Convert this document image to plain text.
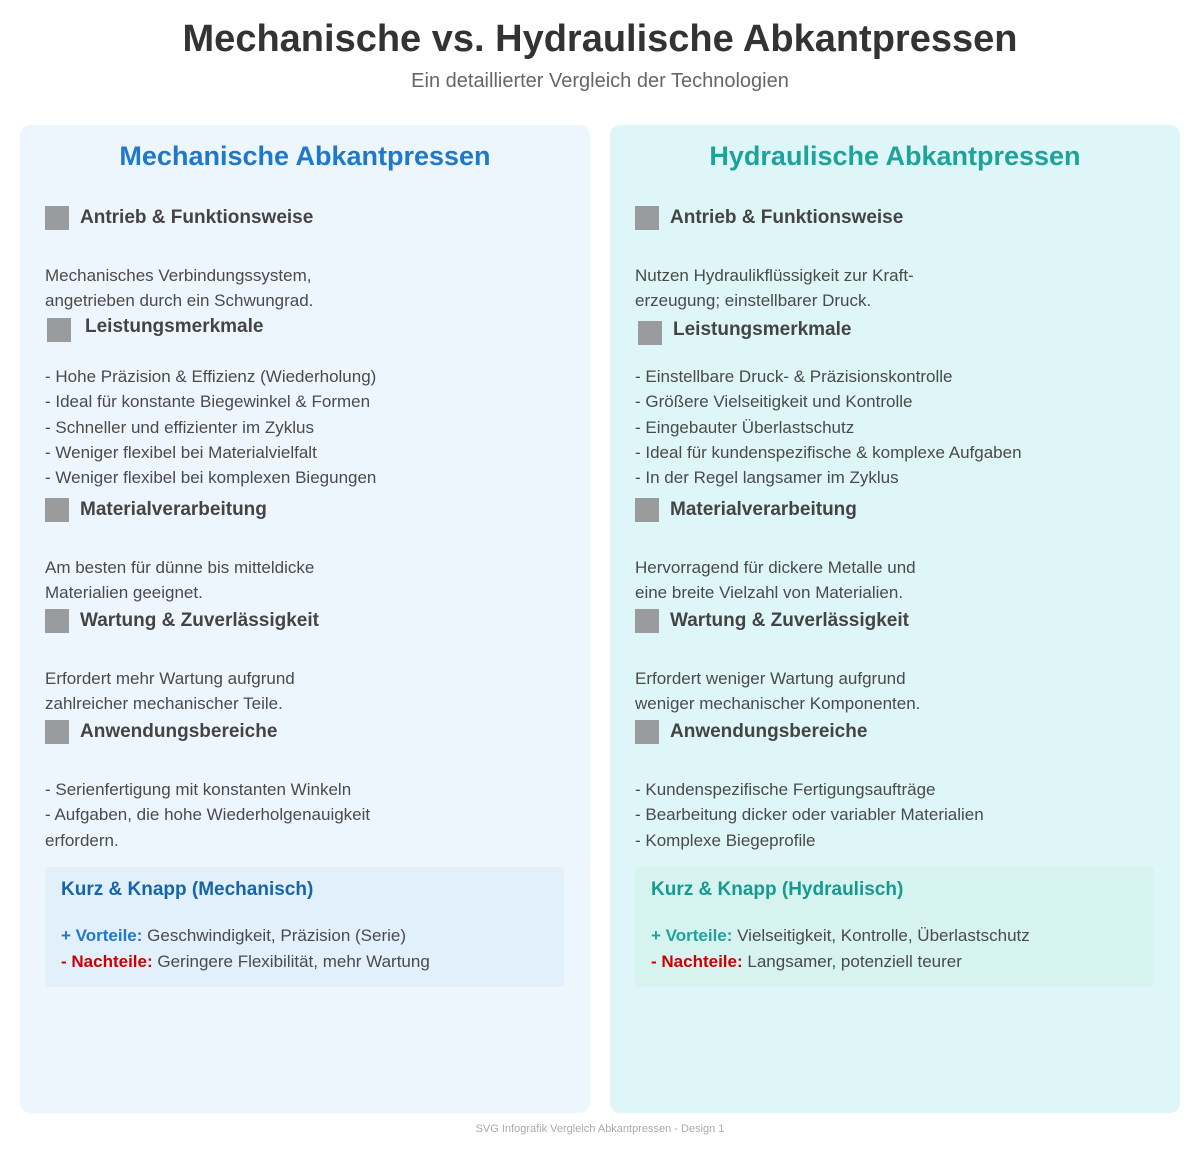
Mechanische vs. Hydraulische Abkantpressen
Ein detaillierter Vergleich der Technologien
Mechanische Abkantpressen
Antrieb & Funktionsweise
Mechanisches Verbindungssystem,
angetrieben durch ein Schwungrad.
Leistungsmerkmale
- Hohe Präzision & Effizienz (Wiederholung)
- Ideal für konstante Biegewinkel & Formen
- Schneller und effizienter im Zyklus
- Weniger flexibel bei Materialvielfalt
- Weniger flexibel bei komplexen Biegungen
Materialverarbeitung
Am besten für dünne bis mitteldicke
Materialien geeignet.
Wartung & Zuverlässigkeit
Erfordert mehr Wartung aufgrund
zahlreicher mechanischer Teile.
Anwendungsbereiche
- Serienfertigung mit konstanten Winkeln
- Aufgaben, die hohe Wiederholgenauigkeit
erfordern.
Kurz & Knapp (Mechanisch)
+ Vorteile: Geschwindigkeit, Präzision (Serie)
- Nachteile: Geringere Flexibilität, mehr Wartung
Hydraulische Abkantpressen
Antrieb & Funktionsweise
Nutzen Hydraulikflüssigkeit zur Kraft-
erzeugung; einstellbarer Druck.
Leistungsmerkmale
- Einstellbare Druck- & Präzisionskontrolle
- Größere Vielseitigkeit und Kontrolle
- Eingebauter Überlastschutz
- Ideal für kundenspezifische & komplexe Aufgaben
- In der Regel langsamer im Zyklus
Materialverarbeitung
Hervorragend für dickere Metalle und
eine breite Vielzahl von Materialien.
Wartung & Zuverlässigkeit
Erfordert weniger Wartung aufgrund
weniger mechanischer Komponenten.
Anwendungsbereiche
- Kundenspezifische Fertigungsaufträge
- Bearbeitung dicker oder variabler Materialien
- Komplexe Biegeprofile
Kurz & Knapp (Hydraulisch)
+ Vorteile: Vielseitigkeit, Kontrolle, Überlastschutz
- Nachteile: Langsamer, potenziell teurer
SVG Infografik Vergleich Abkantpressen - Design 1
